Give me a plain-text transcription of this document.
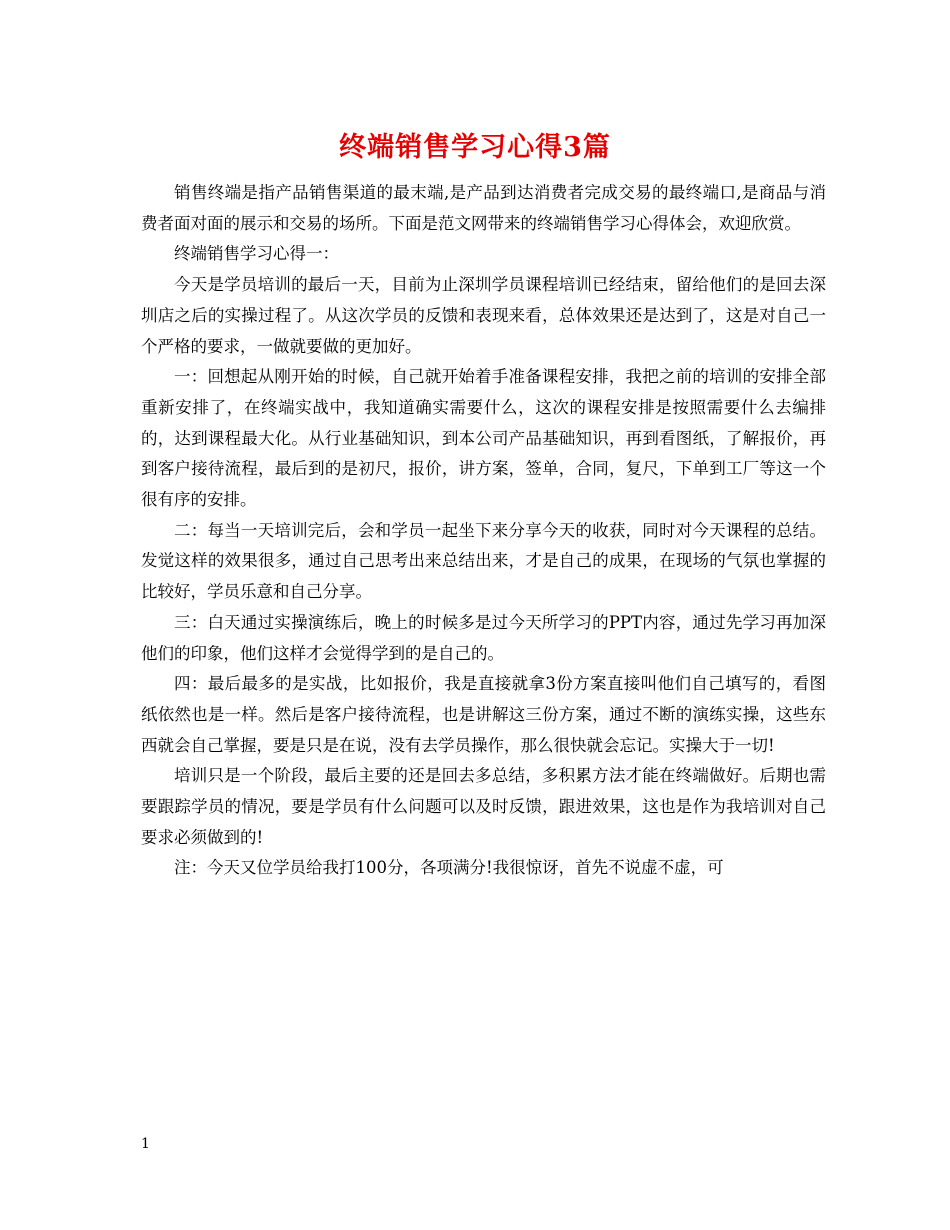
终端销售学习心得3篇

销售终端是指产品销售渠道的最末端,是产品到达消费者完成交易的最终端口,是商品与消费者面对面的展示和交易的场所。下面是范文网带来的终端销售学习心得体会，欢迎欣赏。

终端销售学习心得一：

今天是学员培训的最后一天，目前为止深圳学员课程培训已经结束，留给他们的是回去深圳店之后的实操过程了。从这次学员的反馈和表现来看，总体效果还是达到了，这是对自己一个严格的要求，一做就要做的更加好。

一：回想起从刚开始的时候，自己就开始着手准备课程安排，我把之前的培训的安排全部重新安排了，在终端实战中，我知道确实需要什么，这次的课程安排是按照需要什么去编排的，达到课程最大化。从行业基础知识，到本公司产品基础知识，再到看图纸，了解报价，再到客户接待流程，最后到的是初尺，报价，讲方案，签单，合同，复尺，下单到工厂等这一个很有序的安排。

二：每当一天培训完后，会和学员一起坐下来分享今天的收获，同时对今天课程的总结。发觉这样的效果很多，通过自己思考出来总结出来，才是自己的成果，在现场的气氛也掌握的比较好，学员乐意和自己分享。

三：白天通过实操演练后，晚上的时候多是过今天所学习的PPT内容，通过先学习再加深他们的印象，他们这样才会觉得学到的是自己的。

四：最后最多的是实战，比如报价，我是直接就拿3份方案直接叫他们自己填写的，看图纸依然也是一样。然后是客户接待流程，也是讲解这三份方案，通过不断的演练实操，这些东西就会自己掌握，要是只是在说，没有去学员操作，那么很快就会忘记。实操大于一切!

培训只是一个阶段，最后主要的还是回去多总结，多积累方法才能在终端做好。后期也需要跟踪学员的情况，要是学员有什么问题可以及时反馈，跟进效果，这也是作为我培训对自己要求必须做到的!

注：今天又位学员给我打100分，各项满分!我很惊讶，首先不说虚不虚，可

1
